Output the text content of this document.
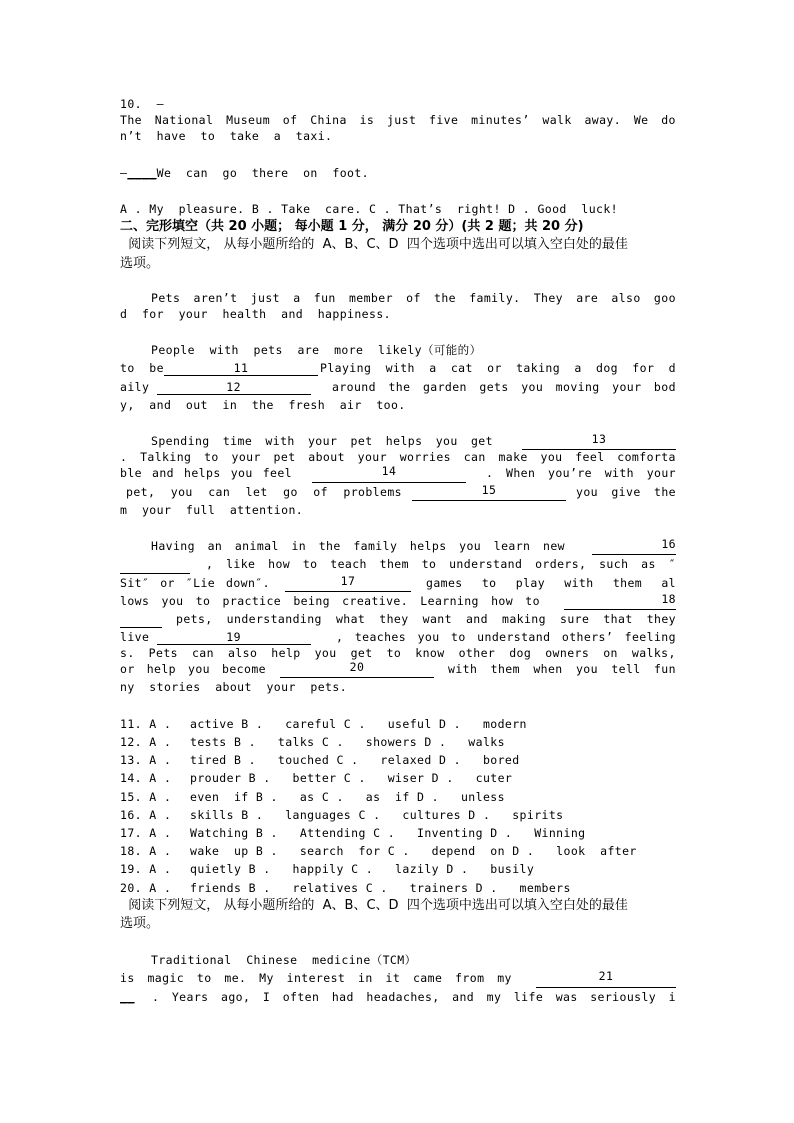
10.  —
The National Museum of China is just five minutes’ walk away. We do
n’t  have  to  take  a  taxi.
—____We  can  go  there  on  foot.
A . My  pleasure. B . Take  care. C . That’s  right! D . Good  luck!
二、完形填空（共 20 小题； 每小题 1 分， 满分 20 分）(共 2 题；共 20 分)
阅读下列短文， 从每小题所给的  A、B、C、D  四个选项中选出可以填入空白处的最佳
选项。
Pets aren’t just a fun member of the family. They are also goo
d  for  your  health  and  happiness.
People  with  pets  are  more  likely（可能的）
to  be	11	Playing with a cat or taking a dog for d
aily	12	around the garden gets you moving your bod
y,  and  out  in  the  fresh  air  too.
Spending time with your pet helps you get	13
. Talking to your pet about your worries can make you feel comforta
ble and helps you feel	14	. When you’re with your
pet, you can let go of problems	15	you give the
m  your  full  attention.
Having an animal in the family helps you learn new	16
, like how to teach them to understand orders, such as ″
Sit″ or ″Lie down″.	17	games to play with them al
lows you to practice being creative. Learning how to	18
pets, understanding what they want and making sure that they
live	19	, teaches you to understand others’ feeling
s. Pets can also help you get to know other dog owners on walks,
or help you become	20	with them when you tell fun
ny  stories  about  your  pets.
11. A .	active B .   careful C .   useful D .   modern
12. A .	tests B .   talks C .   showers D .   walks
13. A .	tired B .   touched C .   relaxed D .   bored
14. A .	prouder B .   better C .   wiser D .   cuter
15. A .	even  if B .   as C .   as  if D .   unless
16. A .	skills B .   languages C .   cultures D .   spirits
17. A .	Watching B .   Attending C .   Inventing D .   Winning
18. A .	wake  up B .   search  for C .   depend  on D .   look  after
19. A .	quietly B .   happily C .   lazily D .   busily
20. A .	friends B .   relatives C .   trainers D .   members
阅读下列短文， 从每小题所给的  A、B、C、D  四个选项中选出可以填入空白处的最佳
选项。
Traditional  Chinese  medicine（TCM）
is magic to me. My interest in it came from my	21
__ . Years ago, I often had headaches, and my life was seriously i
